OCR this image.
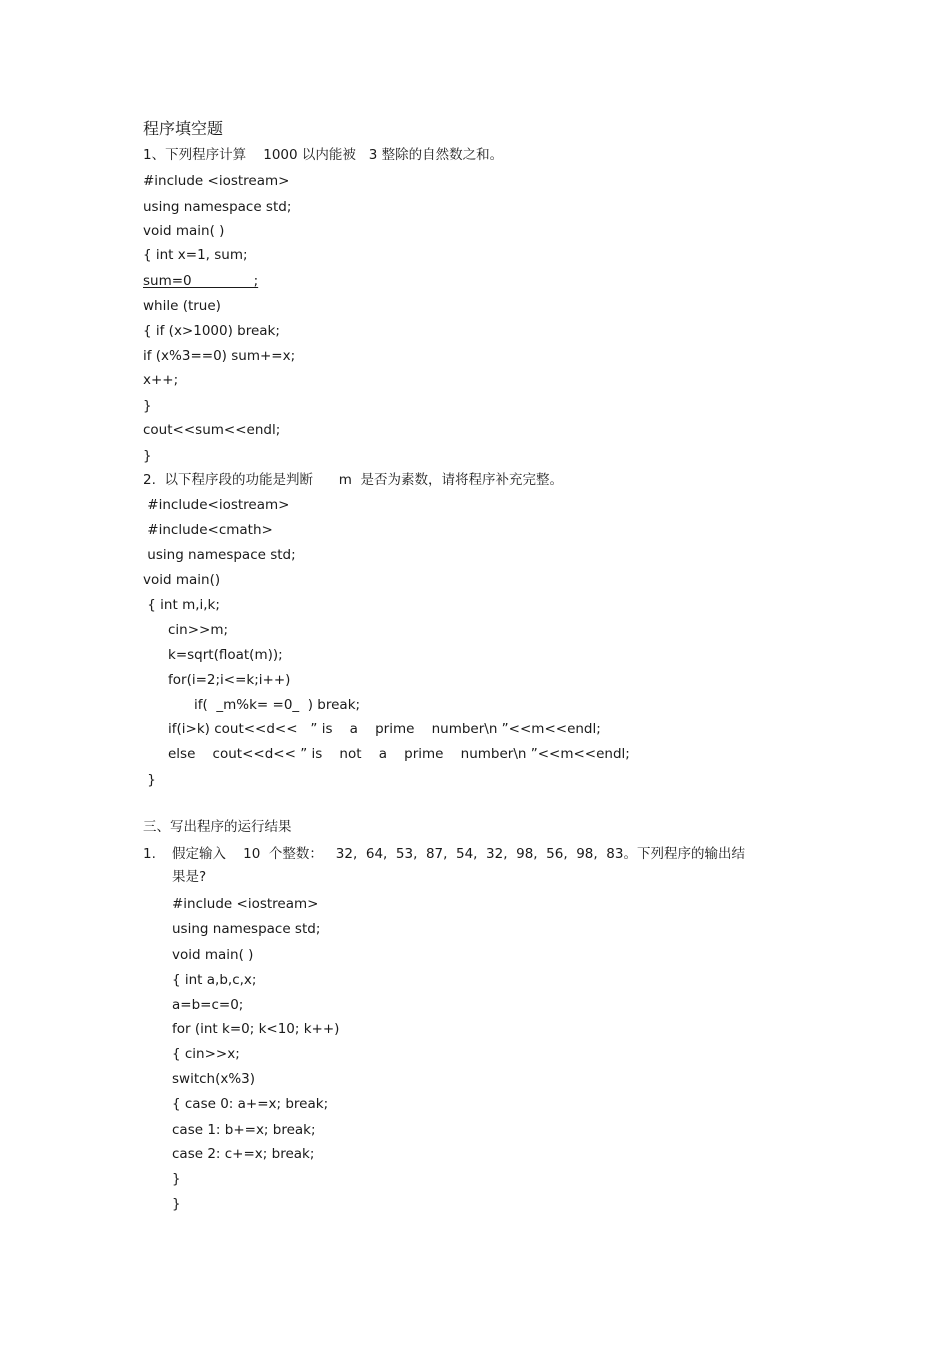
程序填空题
1、下列程序计算    1000 以内能被   3 整除的自然数之和。
#include <iostream>
using namespace std;
void main( )
{ int x=1, sum;
sum=0___     ___;
while (true)
{ if (x>1000) break;
if (x%3==0) sum+=x;
x++;
}
cout<<sum<<endl;
}
2.  以下程序段的功能是判断      m  是否为素数，请将程序补充完整。
#include<iostream>
#include<cmath>
using namespace std;
void main()
{ int m,i,k;
cin>>m;
k=sqrt(float(m));
for(i=2;i<=k;i++)
if(  _m%k= =0_  ) break;
if(i>k) cout<<d<<   ” is    a    prime    number\n ”<<m<<endl;
else    cout<<d<< ” is    not    a    prime    number\n ”<<m<<endl;
}
三、写出程序的运行结果
1. 假定输入    10  个整数：   32,  64,  53,  87,  54,  32,  98,  56,  98,  83。下列程序的输出结
果是?
#include <iostream>
using namespace std;
void main( )
{ int a,b,c,x;
a=b=c=0;
for (int k=0; k<10; k++)
{ cin>>x;
switch(x%3)
{ case 0: a+=x; break;
case 1: b+=x; break;
case 2: c+=x; break;
}
}
